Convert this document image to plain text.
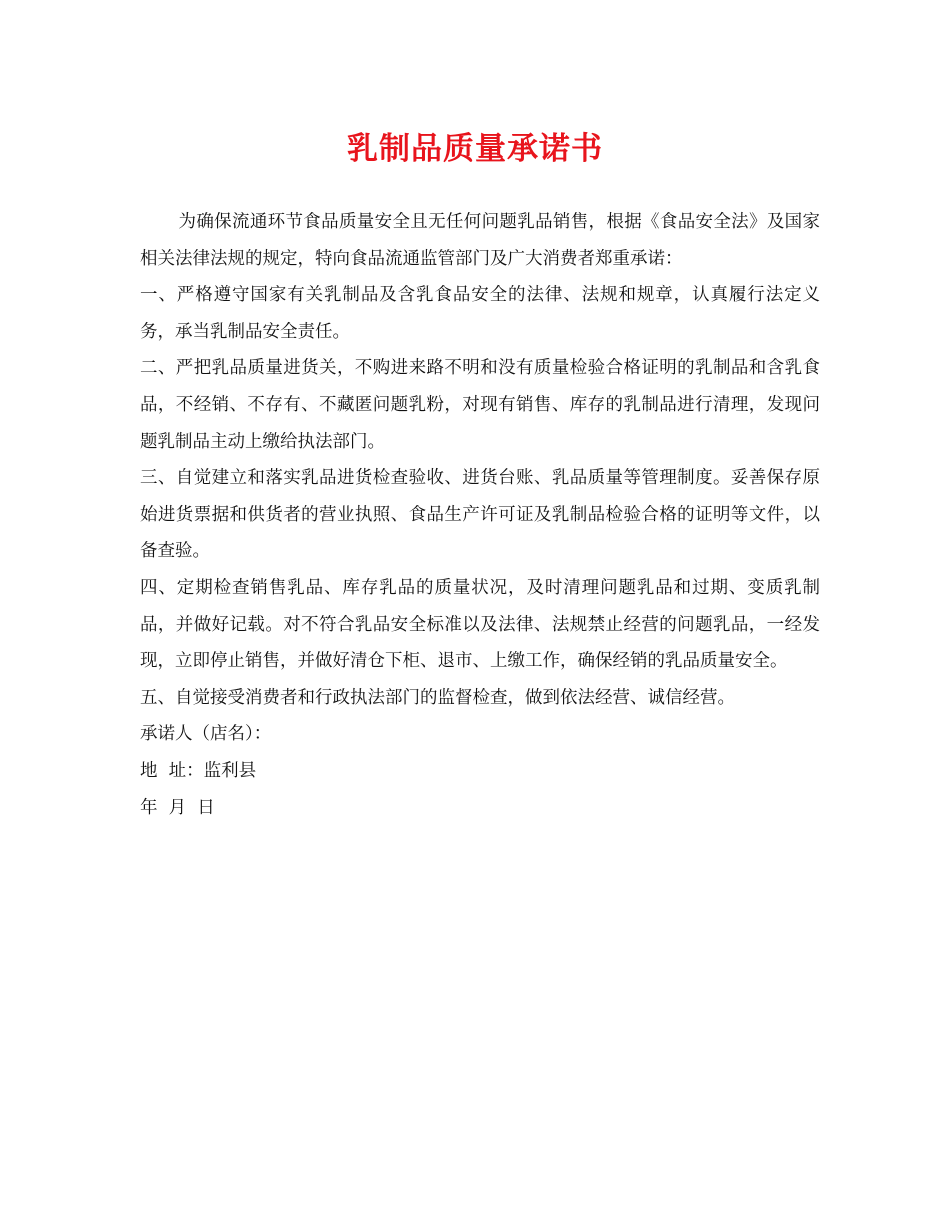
乳制品质量承诺书

为确保流通环节食品质量安全且无任何问题乳品销售，根据《食品安全法》及国家相关法律法规的规定，特向食品流通监管部门及广大消费者郑重承诺：

一、严格遵守国家有关乳制品及含乳食品安全的法律、法规和规章，认真履行法定义务，承当乳制品安全责任。

二、严把乳品质量进货关，不购进来路不明和没有质量检验合格证明的乳制品和含乳食品，不经销、不存有、不藏匿问题乳粉，对现有销售、库存的乳制品进行清理，发现问题乳制品主动上缴给执法部门。

三、自觉建立和落实乳品进货检查验收、进货台账、乳品质量等管理制度。妥善保存原始进货票据和供货者的营业执照、食品生产许可证及乳制品检验合格的证明等文件，以备查验。

四、定期检查销售乳品、库存乳品的质量状况，及时清理问题乳品和过期、变质乳制品，并做好记载。对不符合乳品安全标准以及法律、法规禁止经营的问题乳品，一经发现，立即停止销售，并做好清仓下柜、退市、上缴工作，确保经销的乳品质量安全。

五、自觉接受消费者和行政执法部门的监督检查，做到依法经营、诚信经营。

承诺人（店名）：

地  址：监利县

年  月  日
